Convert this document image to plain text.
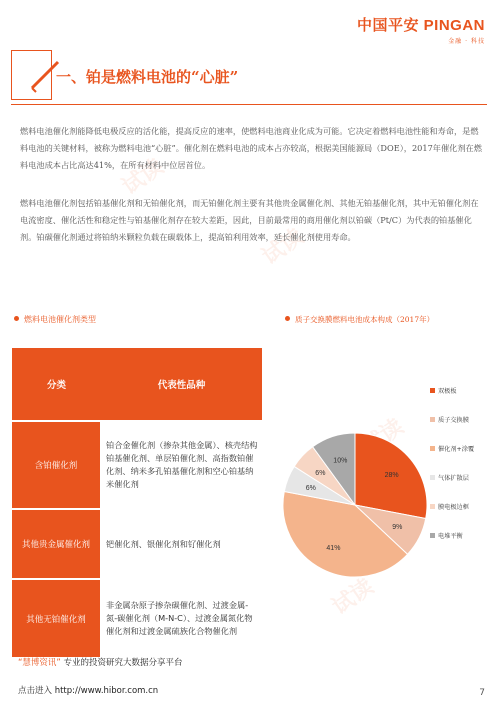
试读
试读
试读
试读
中国平安 PINGAN
金融 · 科技
一、铂是燃料电池的“心脏”
燃料电池催化剂能降低电极反应的活化能，提高反应的速率，使燃料电池商业化成为可能。它决定着燃料电池性能和寿命，是燃料电池的关键材料，被称为燃料电池“心脏”。催化剂在燃料电池的成本占亦较高，根据美国能源局（DOE），2017年催化剂在燃料电池成本占比高达41%，在所有材料中位居首位。
燃料电池催化剂包括铂基催化剂和无铂催化剂，而无铂催化剂主要有其他贵金属催化剂、其他无铂基催化剂，其中无铂催化剂在电流密度、催化活性和稳定性与铂基催化剂存在较大差距，因此，目前最常用的商用催化剂以铂碳（Pt/C）为代表的铂基催化剂。铂碳催化剂通过将铂纳米颗粒负载在碳载体上，提高铂利用效率，延长催化剂使用寿命。
燃料电池催化剂类型
分类	代表性品种
含铂催化剂	铂合金催化剂（掺杂其他金属）、核壳结构铂基催化剂、单层铂催化剂、高指数铂催化剂、纳米多孔铂基催化剂和空心铂基纳米催化剂
其他贵金属催化剂	钯催化剂、银催化剂和钌催化剂
其他无铂催化剂	非金属杂原子掺杂碳催化剂、过渡金属-氮-碳催化剂（M-N-C）、过渡金属氮化物催化剂和过渡金属硫族化合物催化剂
质子交换膜燃料电池成本构成（2017年）
28%
9%
41%
6%
6%
10%
双极板
质子交换膜
催化剂+涂覆
气体扩散层
膜电极边框
电堆平衡
“慧博资讯” 专业的投资研究大数据分享平台
点击进入 http://www.hibor.com.cn	7
